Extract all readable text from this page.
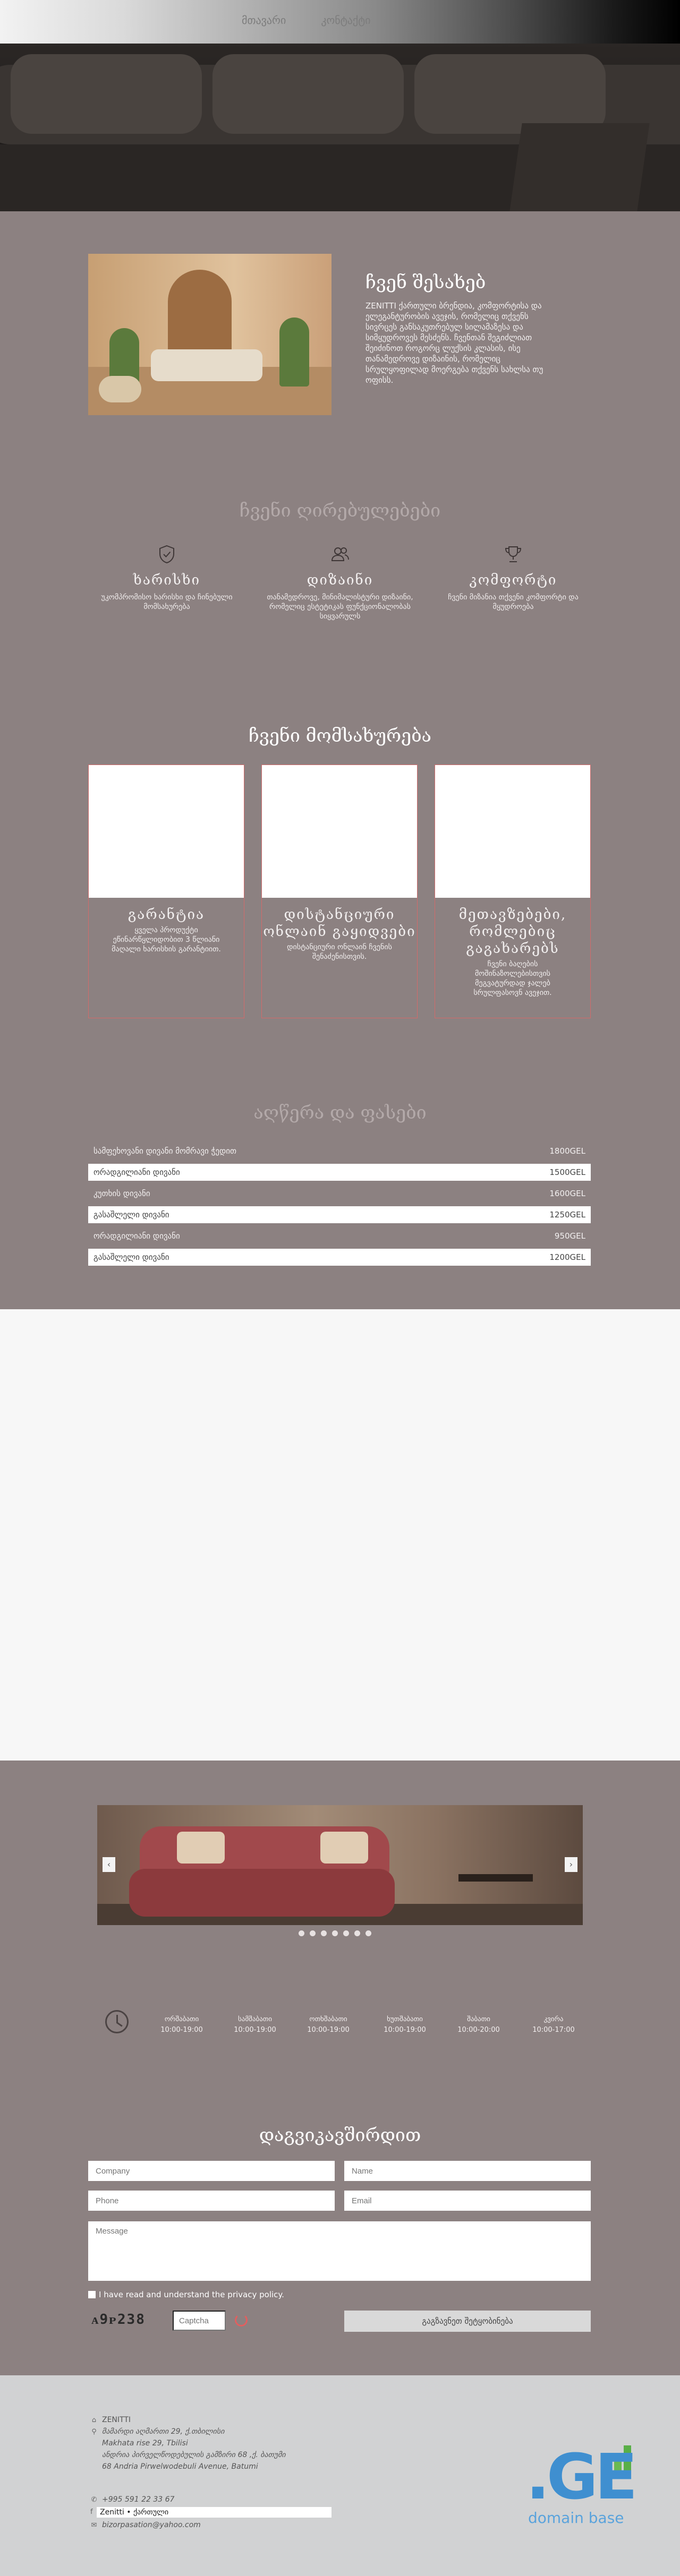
მთავარი	კონტაქტი
ჩვენ შესახებ
ZENITTI ქართული ბრენდია, კომფორტისა და ელეგანტურობის ავეჯის, რომელიც თქვენს სივრცეს განსაკუთრებულ სილამაზესა და სიმყუდროვეს მესძენს. ჩვენთან შეგიძლიათ შეიძინოთ როგორც ლუქსის კლასის, ისე თანამედროვე დიზაინის, რომელიც სრულყოფილად მოერგება თქვენს სახლსა თუ ოფისს.
ჩვენი ღირებულებები
ხარისხი
უკომპრომისო ხარისხი და ჩინებული მომსახურება
დიზაინი
თანამედროვე, მინიმალისტური დიზაინი, რომელიც ესტეტიკას ფუნქციონალობას სიყვარულს
კომფორტი
ჩვენი მიზანია თქვენი კომფორტი და მყუდროება
ჩვენი მომსახურება
გარანტია
ყველა პროდუქტი ეწინარწყლიდობით 3 წლიანი მაღალი ხარისხის გარანტიით.
დისტანციური ონლაინ გაყიდვები
დისტანციური ონლაინ ჩვენის შენაძენისთვის.
მეთავზებები, რომლებიც გაგახარებს
ჩვენი ბაღების მოშინაზოლებისთვის მეგვატურდად ჯალებ სრულფასოვნ ავეჯით.
აღწერა და ფასები
სამფეხოვანი დივანი მომრავი ჭედით	1800GEL
ორადგილიანი დივანი	1500GEL
კუთხის დივანი	1600GEL
გასაშლელი დივანი	1250GEL
ორადგილიანი დივანი	950GEL
გასაშლელი დივანი	1200GEL
‹	›
ორშაბათი
10:00-19:00
სამშაბათი
10:00-19:00
ოთხშაბათი
10:00-19:00
ხუთშაბათი
10:00-19:00
შაბათი
10:00-20:00
კვირა
10:00-17:00
დაგვიკავშირდით
Company
Name
Phone
Email
Message
I have read and understand the privacy policy.
ᴀ9ᴘ238
Captcha	გაგზავნეთ შეტყობინება
⌂ ZENITTI
⚲ მამარდი აღმართი 29, ქ.თბილისი
Makhata rise 29, Tbilisi
ანდრია პირველწოდებულის გამზირი 68 ,ქ. ბათუმი
68 Andria Pirwelwodebuli Avenue, Batumi
✆ +995 591 22 33 67
f Zenitti • ქართული
✉ bizorpasation@yahoo.com
.GE
domain base
